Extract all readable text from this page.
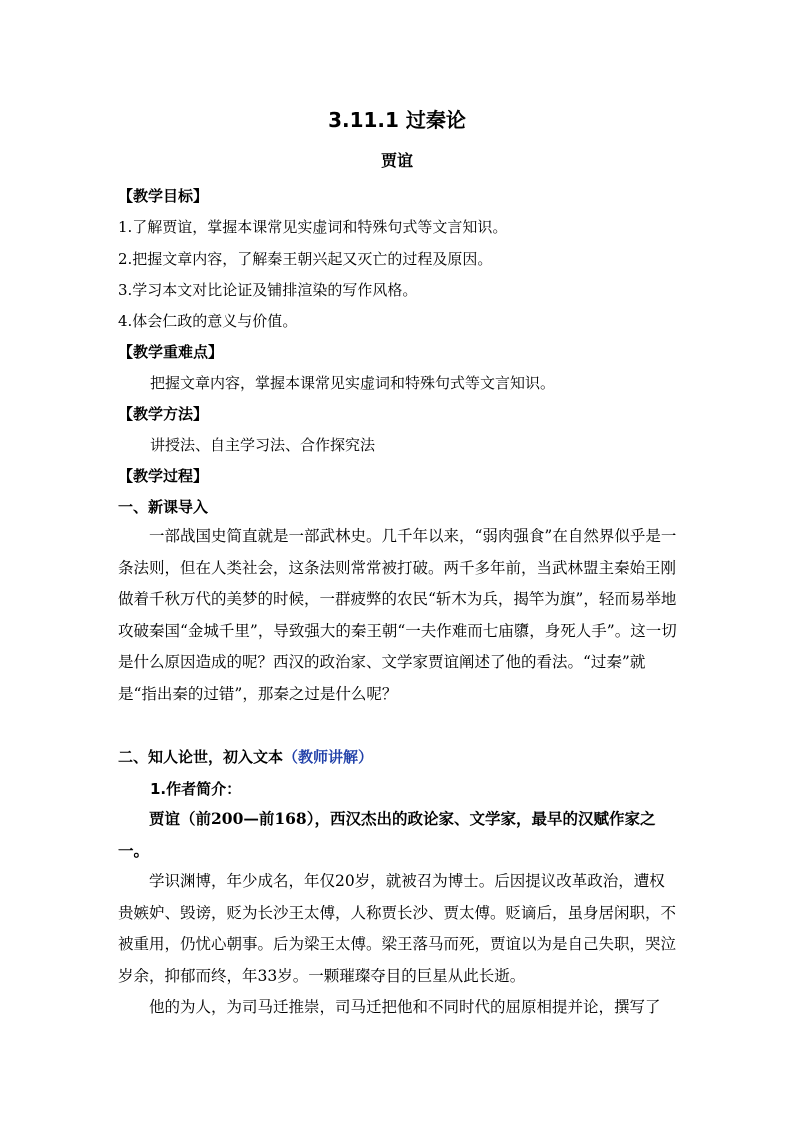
3.11.1 过秦论
贾谊
【教学目标】
1.了解贾谊，掌握本课常见实虚词和特殊句式等文言知识。
2.把握文章内容，了解秦王朝兴起又灭亡的过程及原因。
3.学习本文对比论证及铺排渲染的写作风格。
4.体会仁政的意义与价值。
【教学重难点】
把握文章内容，掌握本课常见实虚词和特殊句式等文言知识。
【教学方法】
讲授法、自主学习法、合作探究法
【教学过程】
一、新课导入

一部战国史简直就是一部武林史。几千年以来，“弱肉强食”在自然界似乎是一条法则，但在人类社会，这条法则常常被打破。两千多年前，当武林盟主秦始王刚做着千秋万代的美梦的时候，一群疲弊的农民“斩木为兵，揭竿为旗”，轻而易举地攻破秦国“金城千里”，导致强大的秦王朝“一夫作难而七庙隳，身死人手”。这一切是什么原因造成的呢？西汉的政治家、文学家贾谊阐述了他的看法。“过秦”就是“指出秦的过错”，那秦之过是什么呢？

二、知人论世，初入文本（教师讲解）
1.作者简介：

贾谊（前200—前168），西汉杰出的政论家、文学家，最早的汉赋作家之一。

学识渊博，年少成名，年仅20岁，就被召为博士。后因提议改革政治，遭权贵嫉妒、毁谤，贬为长沙王太傅，人称贾长沙、贾太傅。贬谪后，虽身居闲职，不被重用，仍忧心朝事。后为梁王太傅。梁王落马而死，贾谊以为是自己失职，哭泣岁余，抑郁而终，年33岁。一颗璀璨夺目的巨星从此长逝。

他的为人，为司马迁推崇，司马迁把他和不同时代的屈原相提并论，撰写了
